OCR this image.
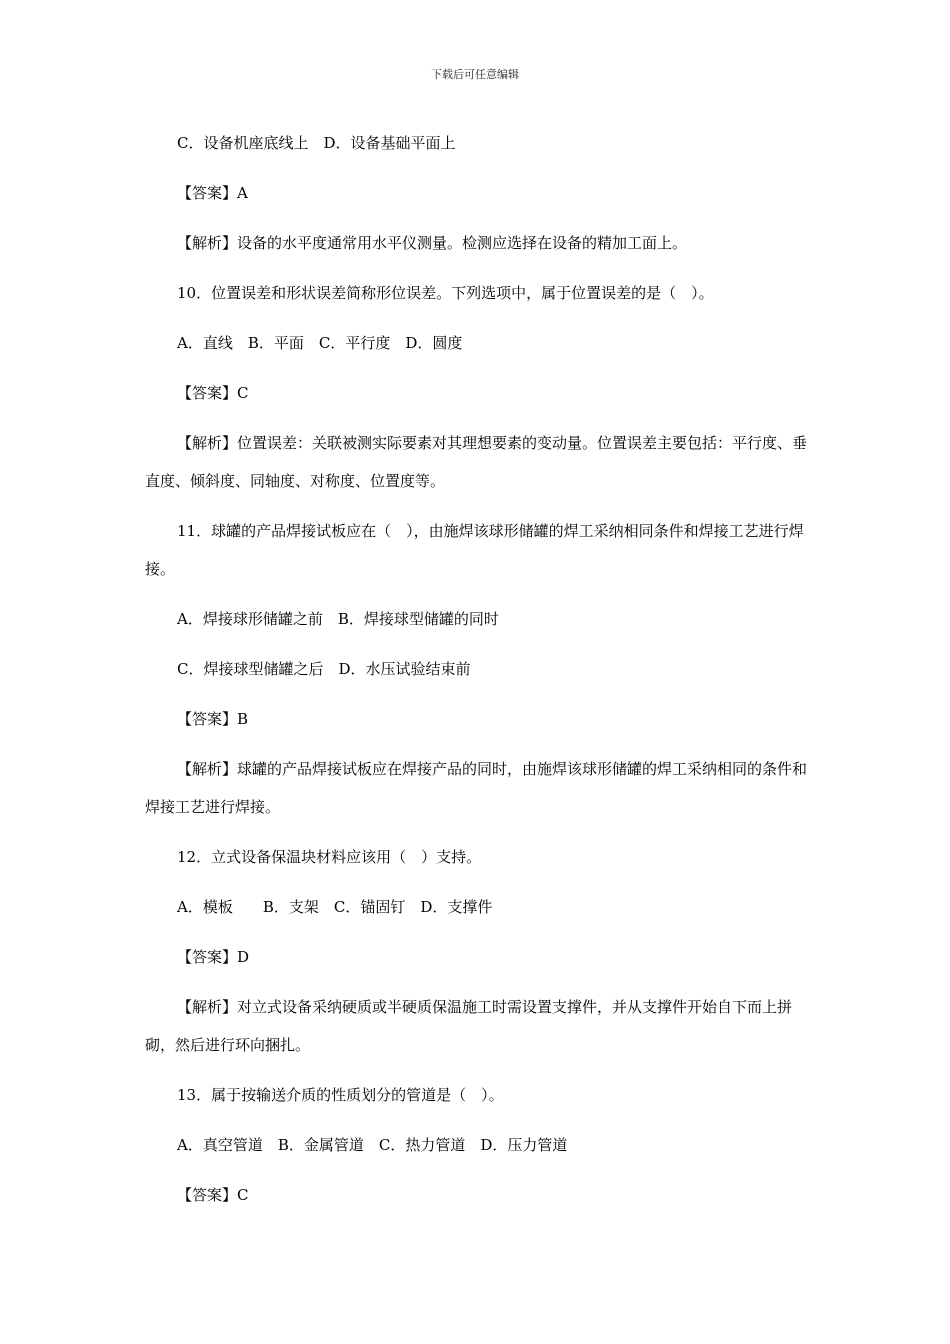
下载后可任意编辑

C．设备机座底线上　D．设备基础平面上

【答案】A

【解析】设备的水平度通常用水平仪测量。检测应选择在设备的精加工面上。

10．位置误差和形状误差简称形位误差。下列选项中，属于位置误差的是（　）。

A．直线　B．平面　C．平行度　D．圆度

【答案】C

【解析】位置误差：关联被测实际要素对其理想要素的变动量。位置误差主要包括：平行度、垂直度、倾斜度、同轴度、对称度、位置度等。

11．球罐的产品焊接试板应在（　），由施焊该球形储罐的焊工采纳相同条件和焊接工艺进行焊接。

A．焊接球形储罐之前　B．焊接球型储罐的同时

C．焊接球型储罐之后　D．水压试验结束前

【答案】B

【解析】球罐的产品焊接试板应在焊接产品的同时，由施焊该球形储罐的焊工采纳相同的条件和焊接工艺进行焊接。

12．立式设备保温块材料应该用（　）支持。

A．模板　　B．支架　C．锚固钉　D．支撑件

【答案】D

【解析】对立式设备采纳硬质或半硬质保温施工时需设置支撑件，并从支撑件开始自下而上拼砌，然后进行环向捆扎。

13．属于按输送介质的性质划分的管道是（　）。

A．真空管道　B．金属管道　C．热力管道　D．压力管道

【答案】C
